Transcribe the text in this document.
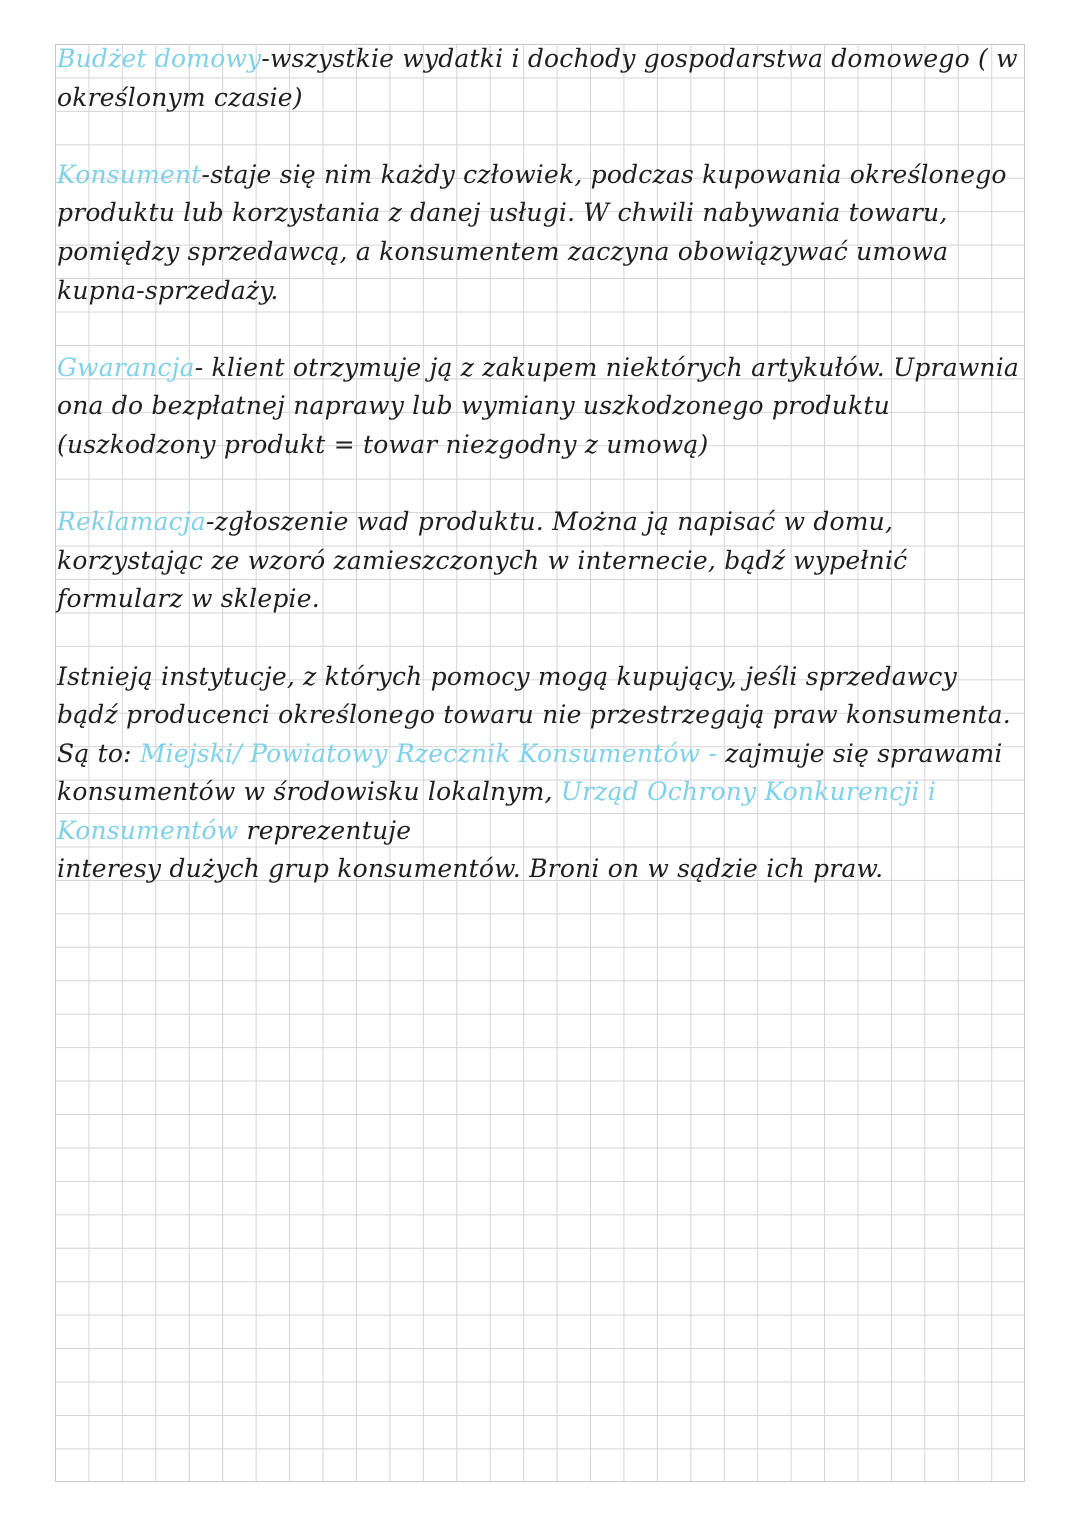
Budżet domowy-wszystkie wydatki i dochody gospodarstwa domowego ( w określonym czasie)

Konsument-staje się nim każdy człowiek, podczas kupowania określonego produktu lub korzystania z danej usługi. W chwili nabywania towaru, pomiędzy sprzedawcą, a konsumentem zaczyna obowiązywać umowa kupna-sprzedaży.

Gwarancja- klient otrzymuje ją z zakupem niektórych artykułów. Uprawnia ona do bezpłatnej naprawy lub wymiany uszkodzonego produktu (uszkodzony produkt = towar niezgodny z umową)

Reklamacja-zgłoszenie wad produktu. Można ją napisać w domu, korzystając ze wzoró zamieszczonych w internecie, bądź wypełnić formularz w sklepie.

Istnieją instytucje, z których pomocy mogą kupujący, jeśli sprzedawcy bądź producenci określonego towaru nie przestrzegają praw konsumenta. Są to: Miejski/ Powiatowy Rzecznik Konsumentów - zajmuje się sprawami konsumentów w środowisku lokalnym, Urząd Ochrony Konkurencji i Konsumentów reprezentuje
interesy dużych grup konsumentów. Broni on w sądzie ich praw.
